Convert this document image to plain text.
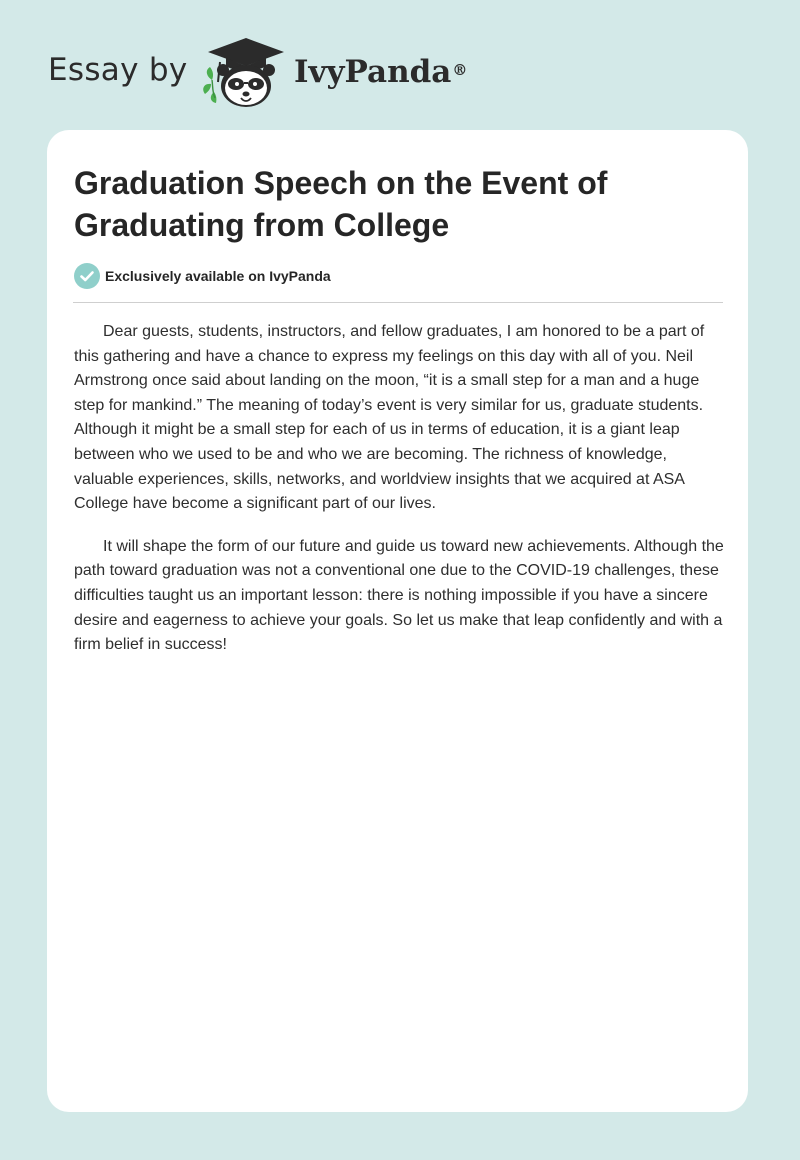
Essay by	IvyPanda®
Graduation Speech on the Event of Graduating from College
Exclusively available on IvyPanda

Dear guests, students, instructors, and fellow graduates, I am honored to be a part of this gathering and have a chance to express my feelings on this day with all of you. Neil Armstrong once said about landing on the moon, “it is a small step for a man and a huge step for mankind.” The meaning of today’s event is very similar for us, graduate students. Although it might be a small step for each of us in terms of education, it is a giant leap between who we used to be and who we are becoming. The richness of knowledge, valuable experiences, skills, networks, and worldview insights that we acquired at ASA College have become a significant part of our lives.

It will shape the form of our future and guide us toward new achievements. Although the path toward graduation was not a conventional one due to the COVID-19 challenges, these difficulties taught us an important lesson: there is nothing impossible if you have a sincere desire and eagerness to achieve your goals. So let us make that leap confidently and with a firm belief in success!
